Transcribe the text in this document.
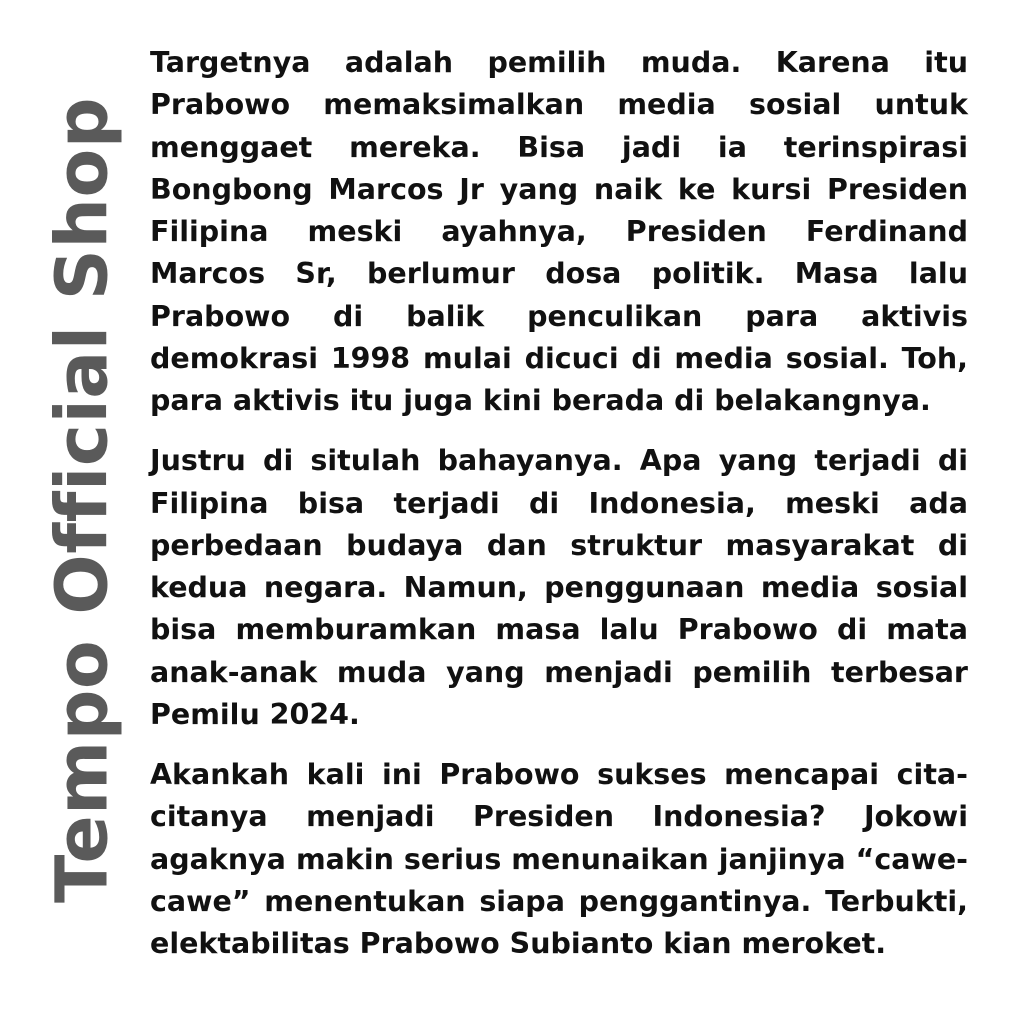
Tempo Official Shop

Targetnya adalah pemilih muda. Karena itu Prabowo memaksimalkan media sosial untuk menggaet mereka. Bisa jadi ia terinspirasi Bongbong Marcos Jr yang naik ke kursi Presiden Filipina meski ayahnya, Presiden Ferdinand Marcos Sr, berlumur dosa politik. Masa lalu Prabowo di balik penculikan para aktivis demokrasi 1998 mulai dicuci di media sosial. Toh, para aktivis itu juga kini berada di belakangnya.

Justru di situlah bahayanya. Apa yang terjadi di Filipina bisa terjadi di Indonesia, meski ada perbedaan budaya dan struktur masyarakat di kedua negara. Namun, penggunaan media sosial bisa memburamkan masa lalu Prabowo di mata anak-anak muda yang menjadi pemilih terbesar Pemilu 2024.

Akankah kali ini Prabowo sukses mencapai cita-citanya menjadi Presiden Indonesia? Jokowi agaknya makin serius menunaikan janjinya “cawe-cawe” menentukan siapa penggantinya. Terbukti, elektabilitas Prabowo Subianto kian meroket.
